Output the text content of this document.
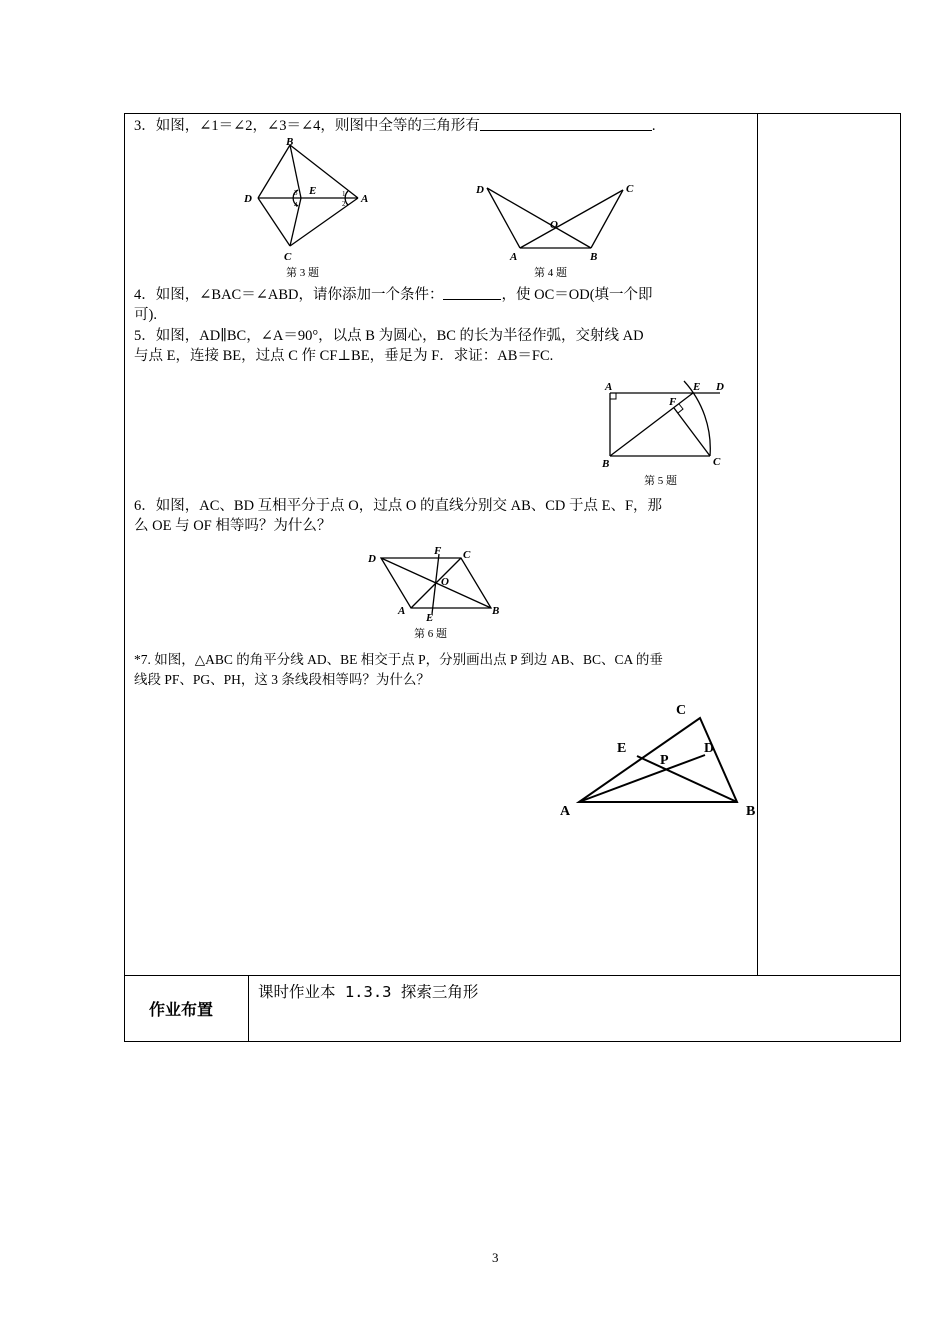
3．如图，∠1＝∠2，∠3＝∠4，则图中全等的三角形有	.
B
D
E
A
C
1
2
3
4
第 3 题
D	C
O
A	B
第 4 题
4．如图，∠BAC＝∠ABD，请你添加一个条件：	，使 OC＝OD(填一个即
可).
5．如图，AD∥BC，∠A＝90°，以点 B 为圆心，BC 的长为半径作弧，交射线 AD
与点 E，连接 BE，过点 C 作 CF⊥BE，垂足为 F．求证：AB＝FC.
A	E D
F
B	C
第 5 题
6．如图，AC、BD 互相平分于点 O，过点 O 的直线分别交 AB、CD 于点 E、F，那
么 OE 与 OF 相等吗？为什么？
D
F C
O
A
E
B
第 6 题
*7. 如图，△ABC 的角平分线 AD、BE 相交于点 P，分别画出点 P 到边 AB、BC、CA 的垂
线段 PF、PG、PH，这 3 条线段相等吗？为什么？
C
E	D
P
A	B
作业布置
课时作业本 1.3.3 探索三角形
3
